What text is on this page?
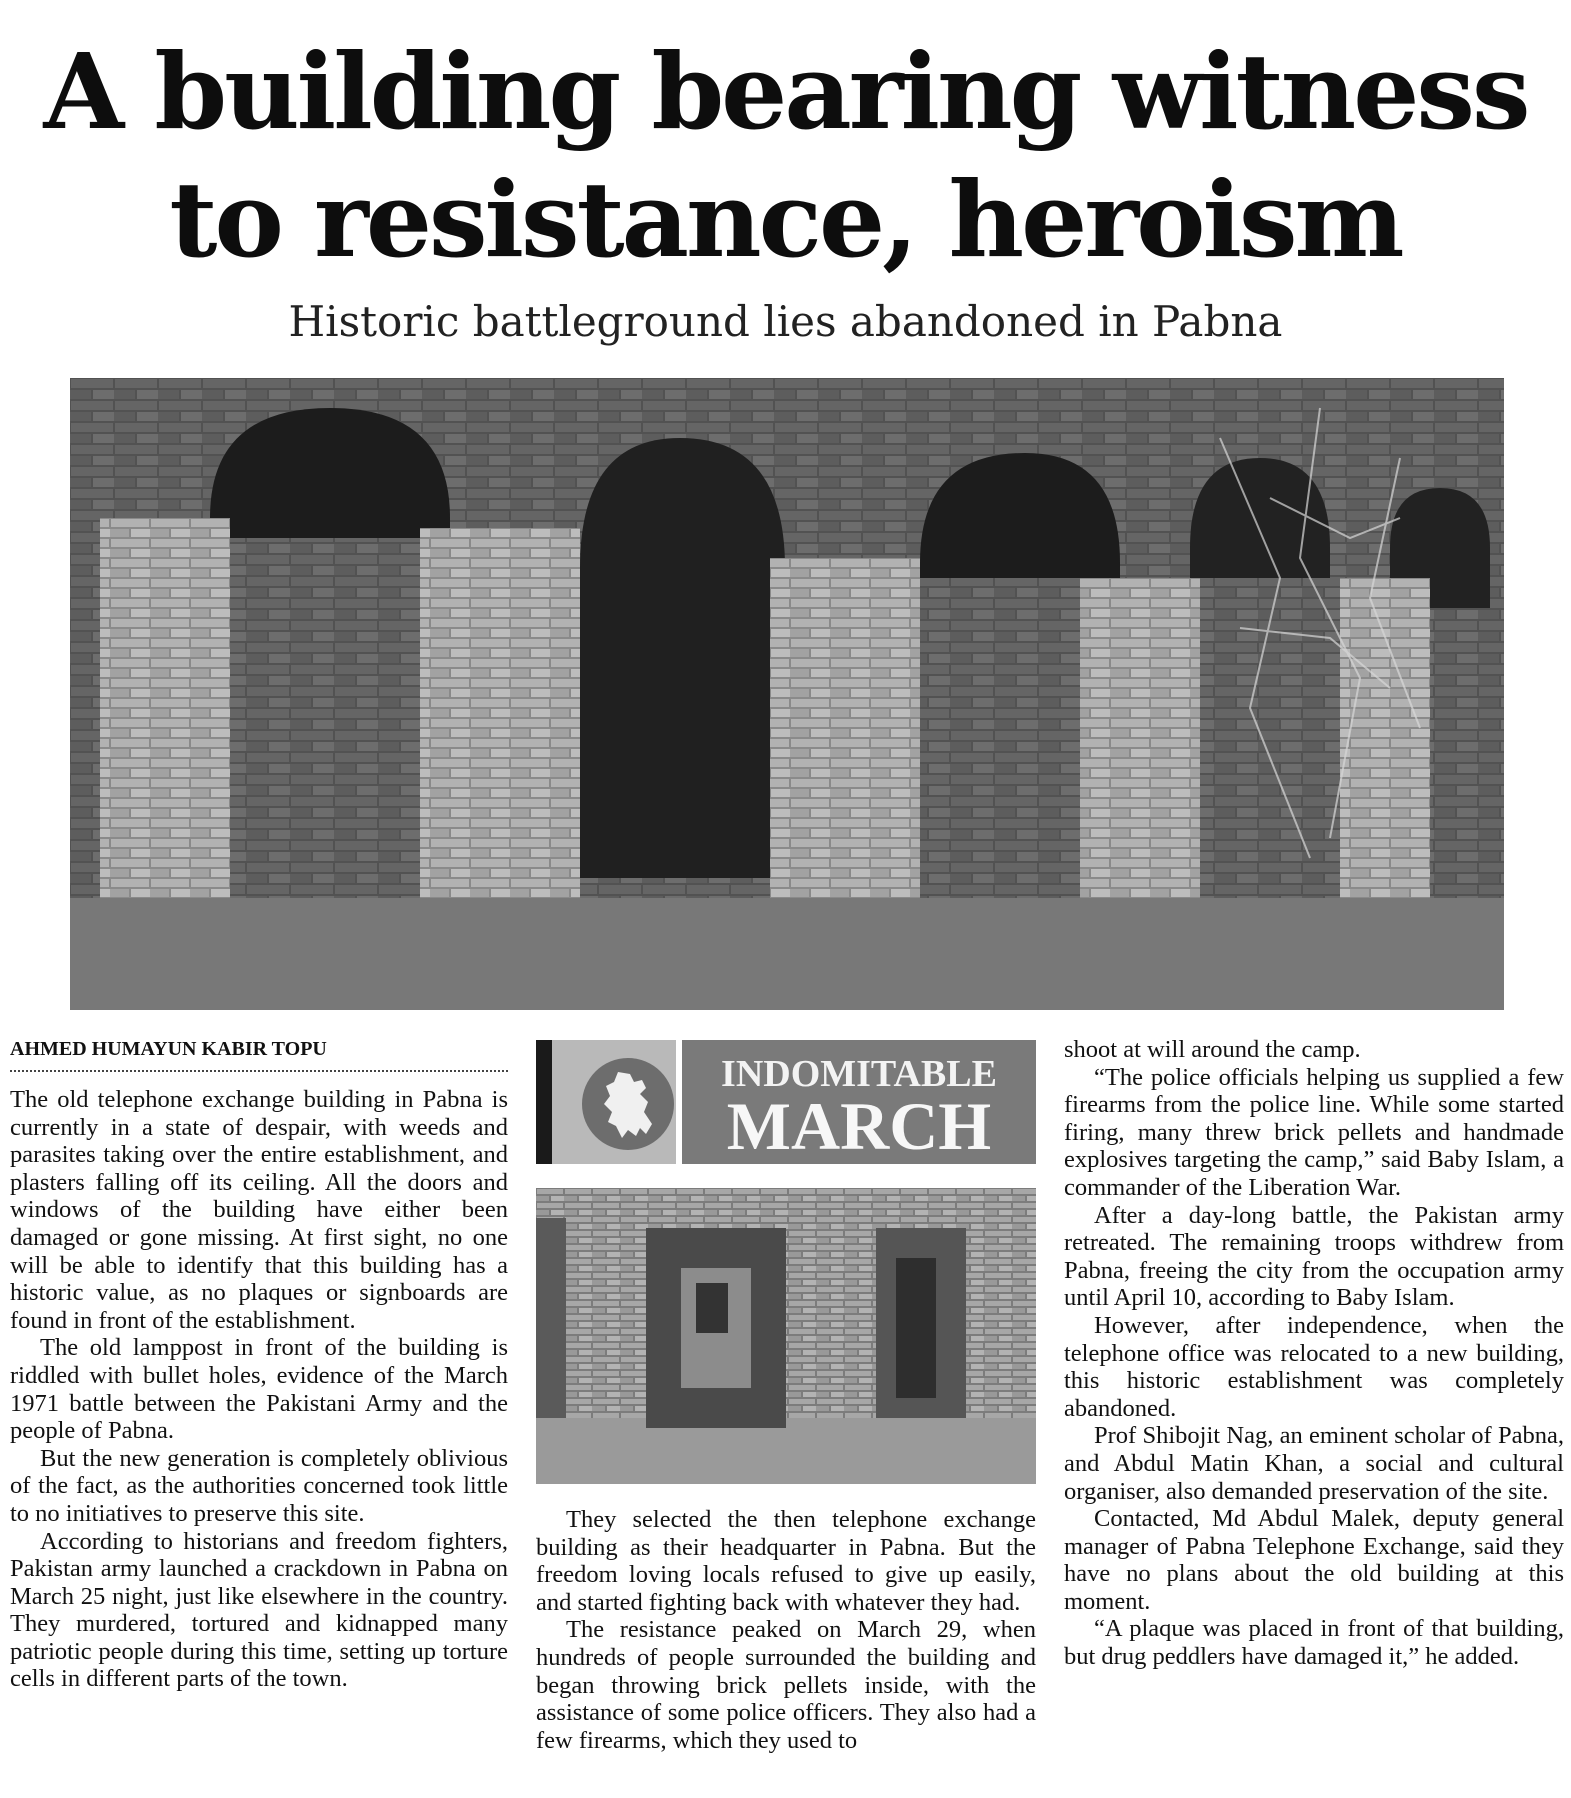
A building bearing witness
to resistance, heroism
Historic battleground lies abandoned in Pabna
AHMED HUMAYUN KABIR TOPU

The old telephone exchange building in Pabna is currently in a state of despair, with weeds and parasites taking over the entire establishment, and plasters falling off its ceiling. All the doors and windows of the building have either been damaged or gone missing. At first sight, no one will be able to identify that this building has a historic value, as no plaques or signboards are found in front of the establishment.

The old lamppost in front of the building is riddled with bullet holes, evidence of the March 1971 battle between the Pakistani Army and the people of Pabna.

But the new generation is completely oblivious of the fact, as the authorities concerned took little to no initiatives to preserve this site.

According to historians and freedom fighters, Pakistan army launched a crackdown in Pabna on March 25 night, just like elsewhere in the country. They murdered, tortured and kidnapped many patriotic people during this time, setting up torture cells in different parts of the town.

INDOMITABLE
MARCH

They selected the then telephone exchange building as their headquarter in Pabna. But the freedom loving locals refused to give up easily, and started fighting back with whatever they had.

The resistance peaked on March 29, when hundreds of people surrounded the building and began throwing brick pellets inside, with the assistance of some police officers. They also had a few firearms, which they used to

shoot at will around the camp.

“The police officials helping us supplied a few firearms from the police line. While some started firing, many threw brick pellets and handmade explosives targeting the camp,” said Baby Islam, a commander of the Liberation War.

After a day-long battle, the Pakistan army retreated. The remaining troops withdrew from Pabna, freeing the city from the occupation army until April 10, according to Baby Islam.

However, after independence, when the telephone office was relocated to a new building, this historic establishment was completely abandoned.

Prof Shibojit Nag, an eminent scholar of Pabna, and Abdul Matin Khan, a social and cultural organiser, also demanded preservation of the site.

Contacted, Md Abdul Malek, deputy general manager of Pabna Telephone Exchange, said they have no plans about the old building at this moment.

“A plaque was placed in front of that building, but drug peddlers have damaged it,” he added.
